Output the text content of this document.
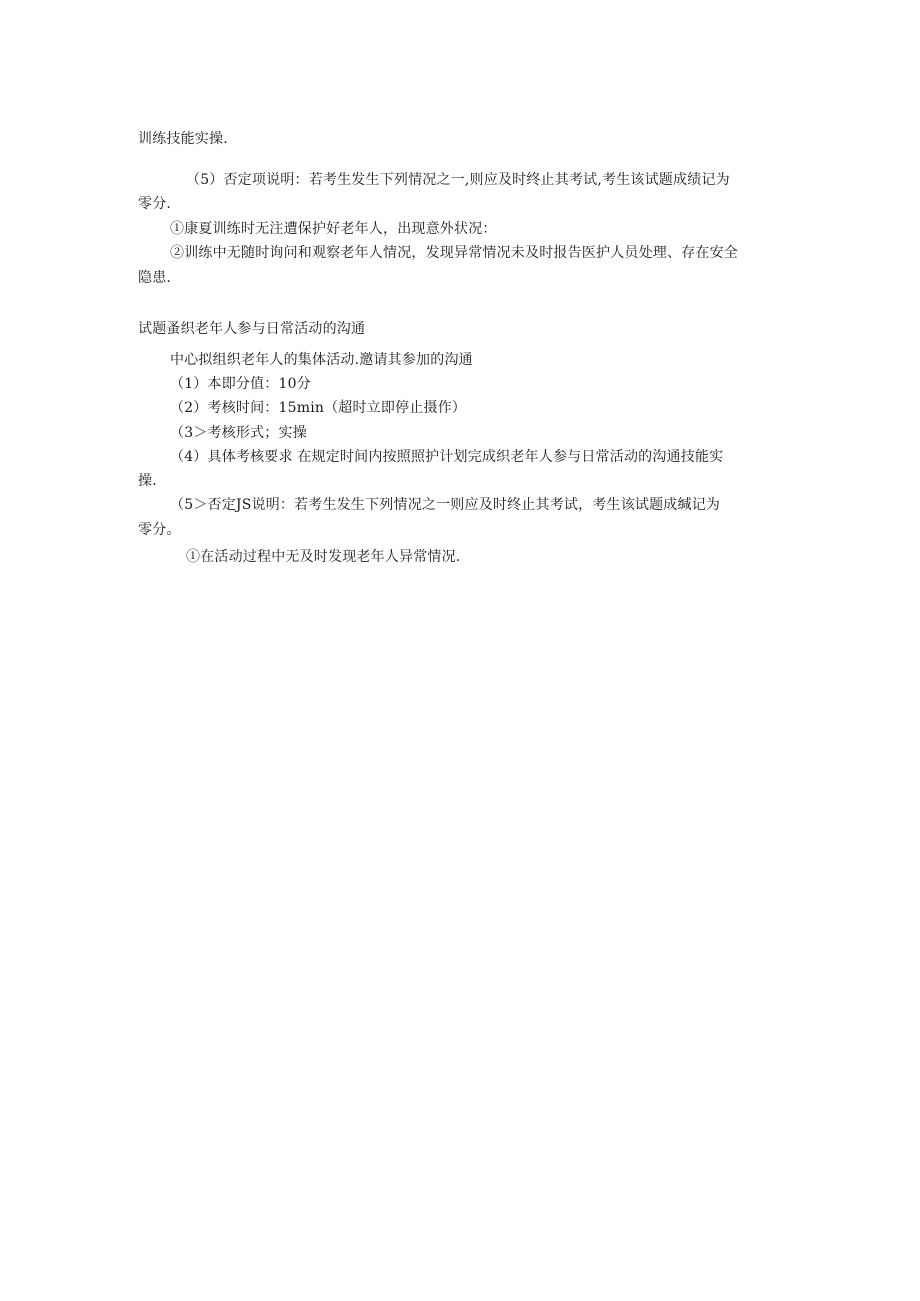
训练技能实操.
（5）否定项说明：若考生发生下列情况之一,则应及时终止其考试,考生该试题成绩记为
零分.
①康夏训练时无注遭保护好老年人，出现意外状况：
②训练中无随时询问和观察老年人情况，发现异常情况未及时报告医护人员处理、存在安全
隐患.
试题蚤织老年人参与日常活动的沟通
中心拟组织老年人的集体活动.邀请其参加的沟通
（1）本即分值：10分
（2）考核时间：15min（超时立即停止摄作）
（3＞考核形式；实操
（4）具体考核要求 在规定时间内按照照护计划完成织老年人参与日常活动的沟通技能实
操.
（5＞否定JS说明：若考生发生下列情况之一则应及时终止其考试，考生该试题成缄记为
零分。
①在活动过程中无及时发现老年人异常情况.
